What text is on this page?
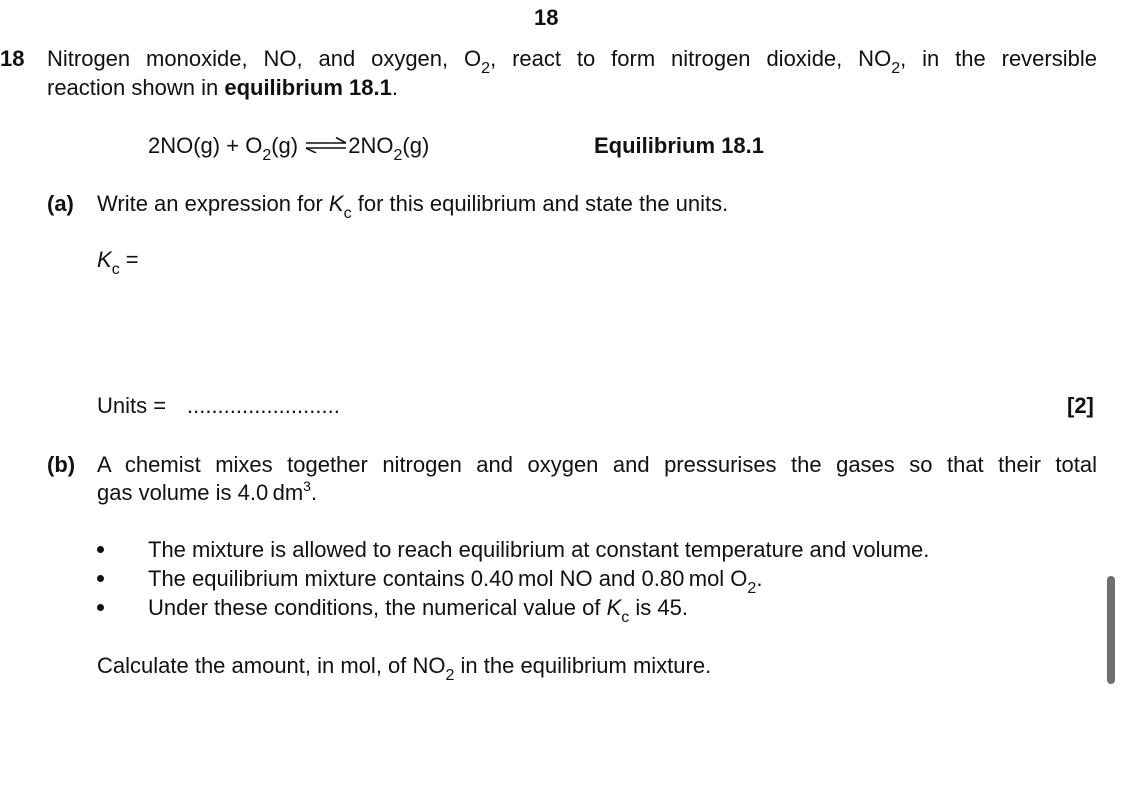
18
18 Nitrogen monoxide, NO, and oxygen, $O_2$, react to form nitrogen dioxide, $NO_2$, in the reversible
reaction shown in equilibrium 18.1.
$2NO(g) + O_2(g)$ $\rightleftharpoons 2NO_2(g)$	Equilibrium 18.1
(a) Write an expression for $K_c$ for this equilibrium and state the units.
$K_c$ =
Units = .........................	[2]
(b) A chemist mixes together nitrogen and oxygen and pressurises the gases so that their total
gas volume is 4.0 $dm^3$.
The mixture is allowed to reach equilibrium at constant temperature and volume.
The equilibrium mixture contains 0.40 mol NO and 0.80 mol $O_2$.
Under these conditions, the numerical value of $K_c$ is 45.
Calculate the amount, in mol, of $NO_2$ in the equilibrium mixture.
